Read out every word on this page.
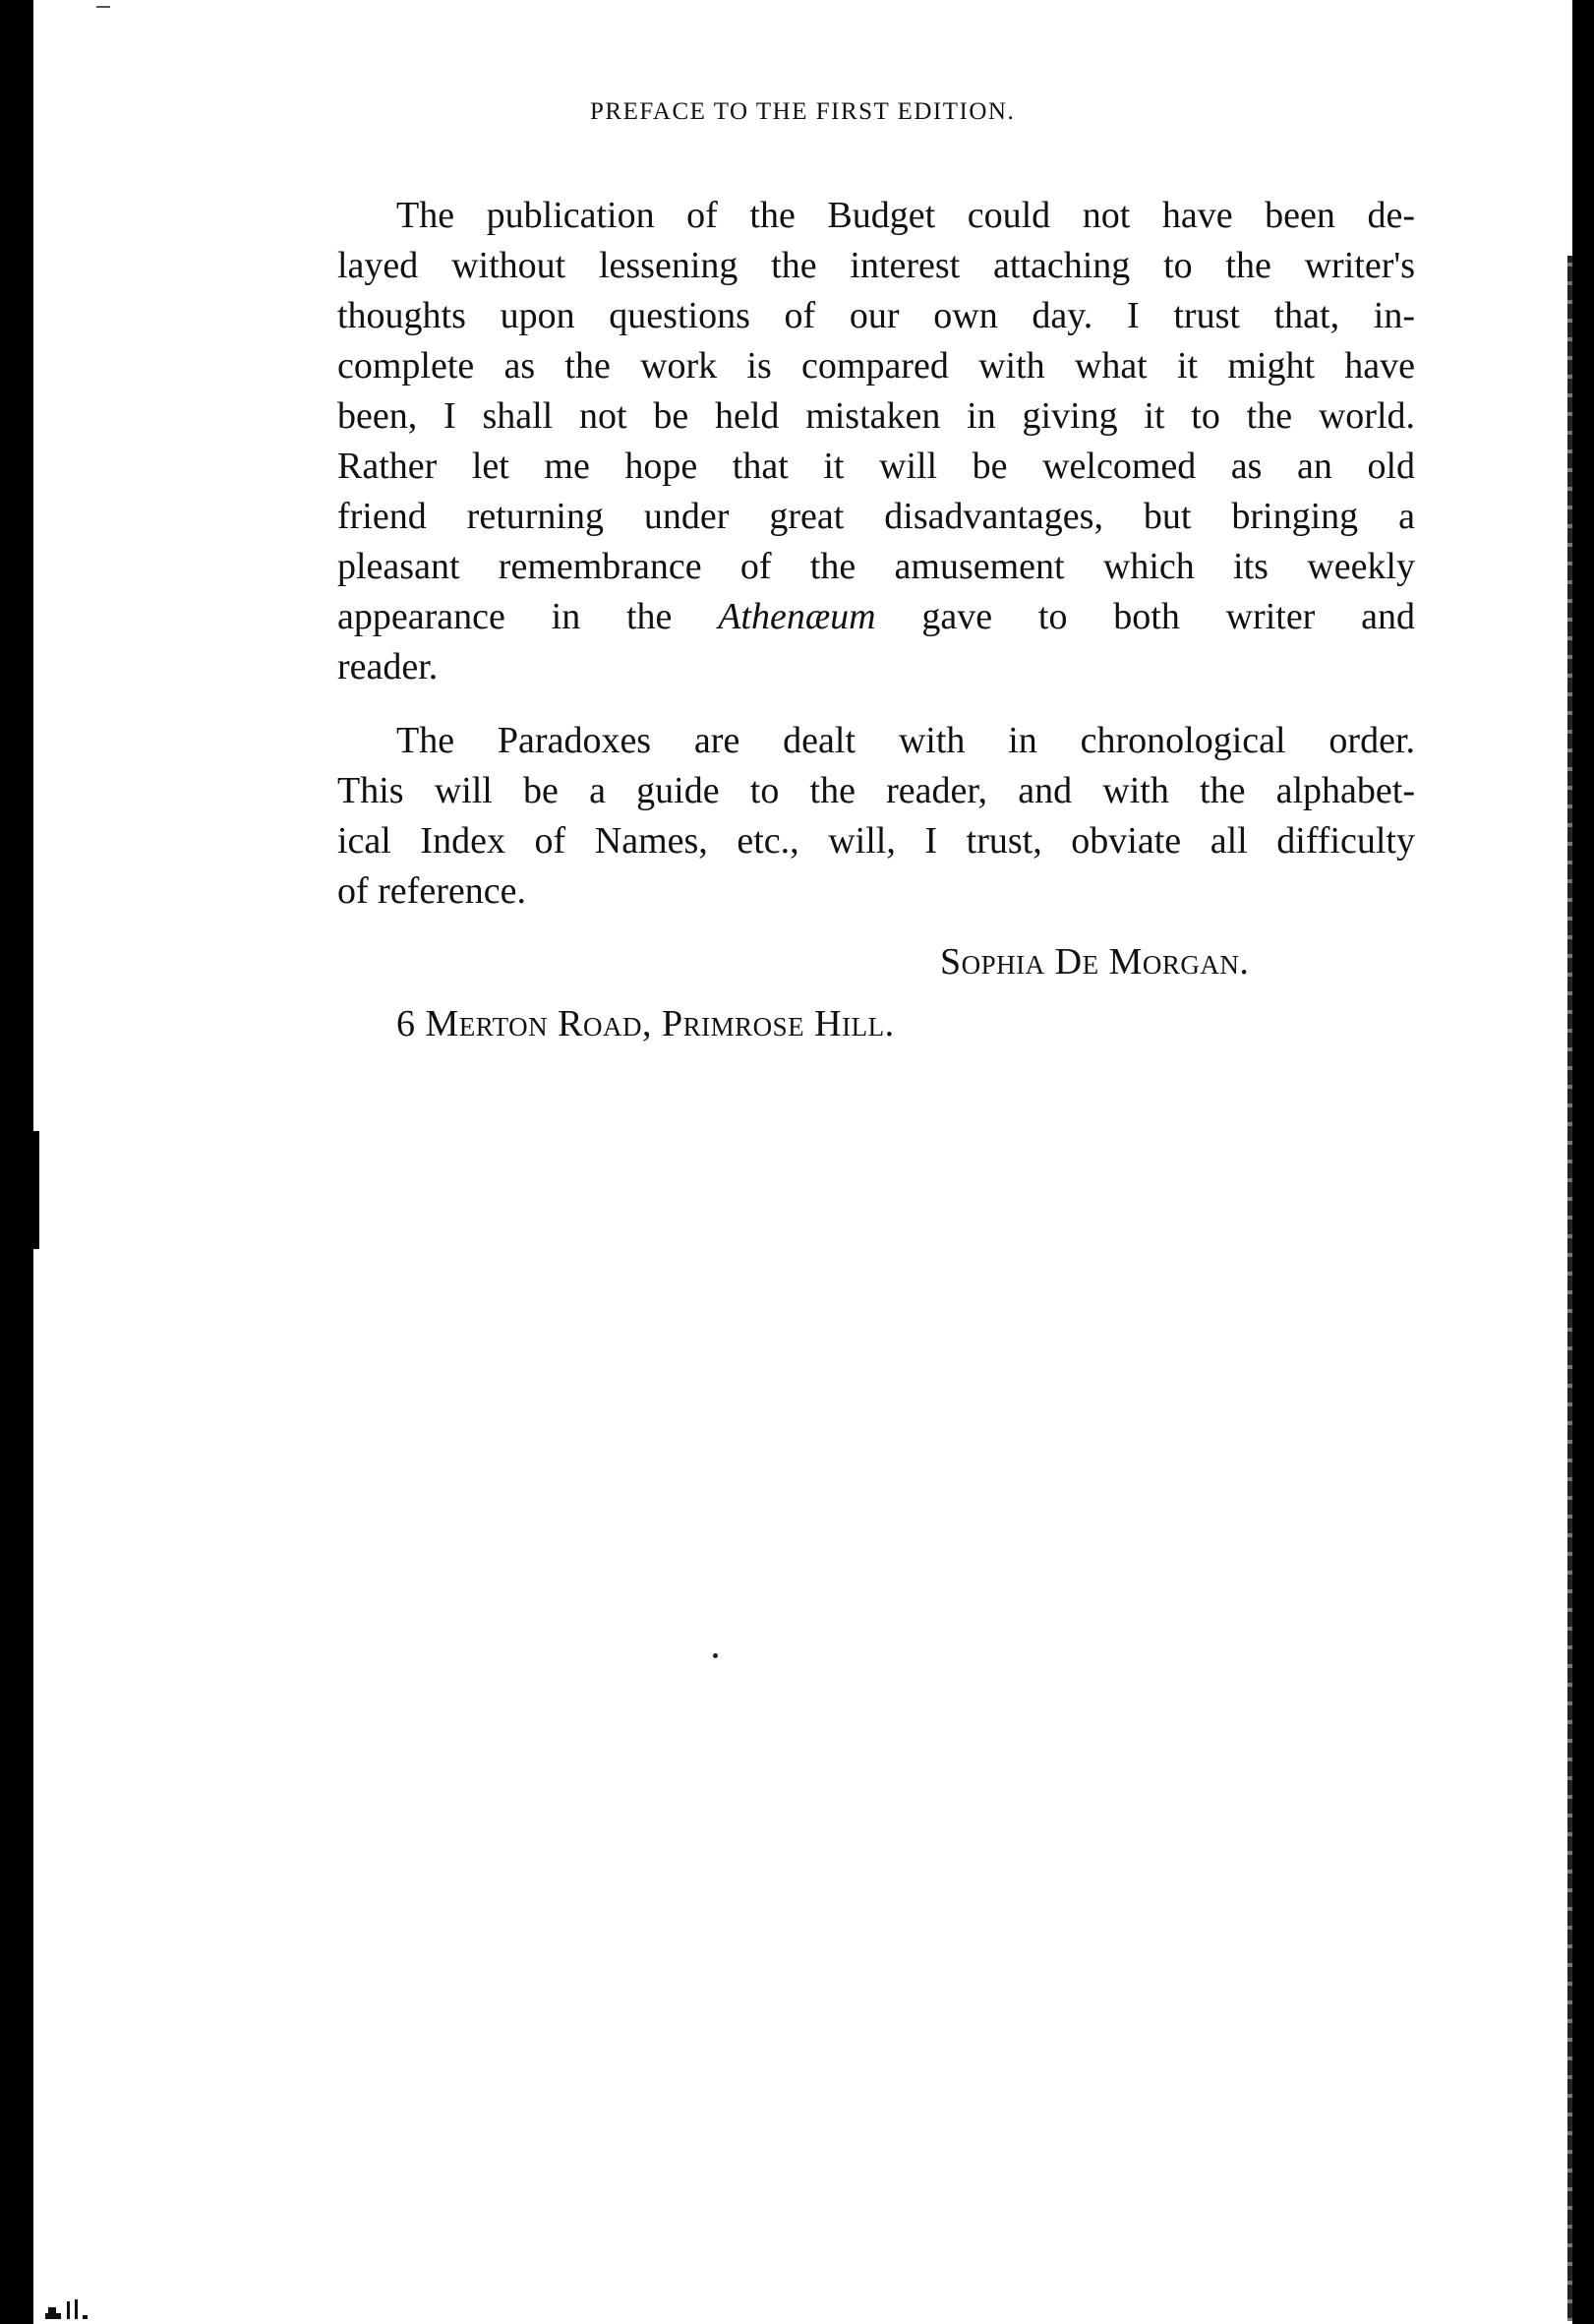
PREFACE TO THE FIRST EDITION.
The publication of the Budget could not have been de-
layed without lessening the interest attaching to the writer's
thoughts upon questions of our own day. I trust that, in-
complete as the work is compared with what it might have
been, I shall not be held mistaken in giving it to the world.
Rather let me hope that it will be welcomed as an old
friend returning under great disadvantages, but bringing a
pleasant remembrance of the amusement which its weekly
appearance in the Athenæum gave to both writer and
reader.
The Paradoxes are dealt with in chronological order.
This will be a guide to the reader, and with the alphabet-
ical Index of Names, etc., will, I trust, obviate all difficulty
of reference.
Sophia De Morgan.
6 Merton Road, Primrose Hill.
